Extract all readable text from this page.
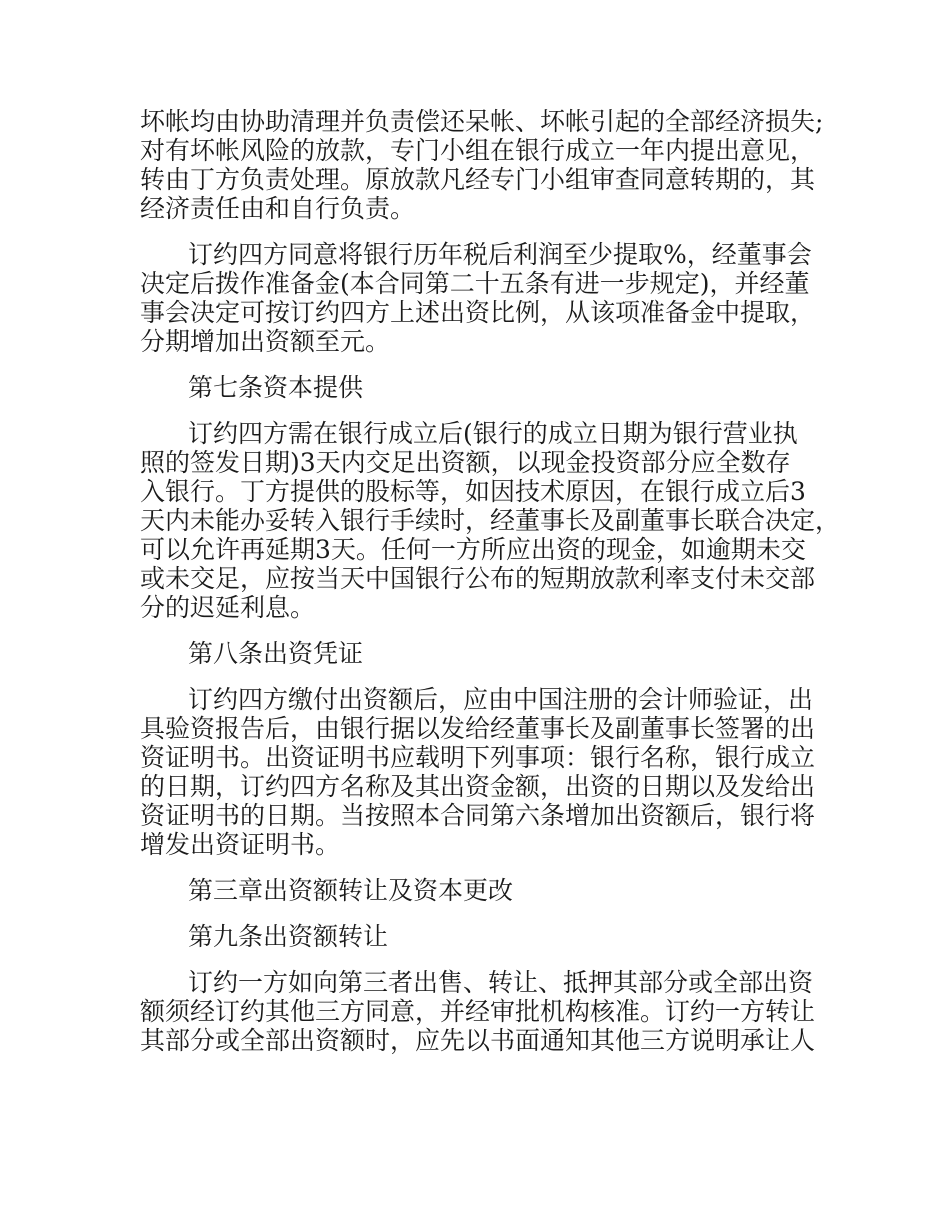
坏帐均由协助清理并负责偿还呆帐、坏帐引起的全部经济损失;
对有坏帐风险的放款，专门小组在银行成立一年内提出意见，
转由丁方负责处理。原放款凡经专门小组审查同意转期的，其
经济责任由和自行负责。
订约四方同意将银行历年税后利润至少提取%，经董事会
决定后拨作准备金(本合同第二十五条有进一步规定)，并经董
事会决定可按订约四方上述出资比例，从该项准备金中提取，
分期增加出资额至元。
第七条资本提供
订约四方需在银行成立后(银行的成立日期为银行营业执
照的签发日期)3天内交足出资额，以现金投资部分应全数存
入银行。丁方提供的股标等，如因技术原因，在银行成立后3
天内未能办妥转入银行手续时，经董事长及副董事长联合决定，
可以允许再延期3天。任何一方所应出资的现金，如逾期未交
或未交足，应按当天中国银行公布的短期放款利率支付未交部
分的迟延利息。
第八条出资凭证
订约四方缴付出资额后，应由中国注册的会计师验证，出
具验资报告后，由银行据以发给经董事长及副董事长签署的出
资证明书。出资证明书应载明下列事项：银行名称，银行成立
的日期，订约四方名称及其出资金额，出资的日期以及发给出
资证明书的日期。当按照本合同第六条增加出资额后，银行将
增发出资证明书。
第三章出资额转让及资本更改
第九条出资额转让
订约一方如向第三者出售、转让、抵押其部分或全部出资
额须经订约其他三方同意，并经审批机构核准。订约一方转让
其部分或全部出资额时，应先以书面通知其他三方说明承让人
